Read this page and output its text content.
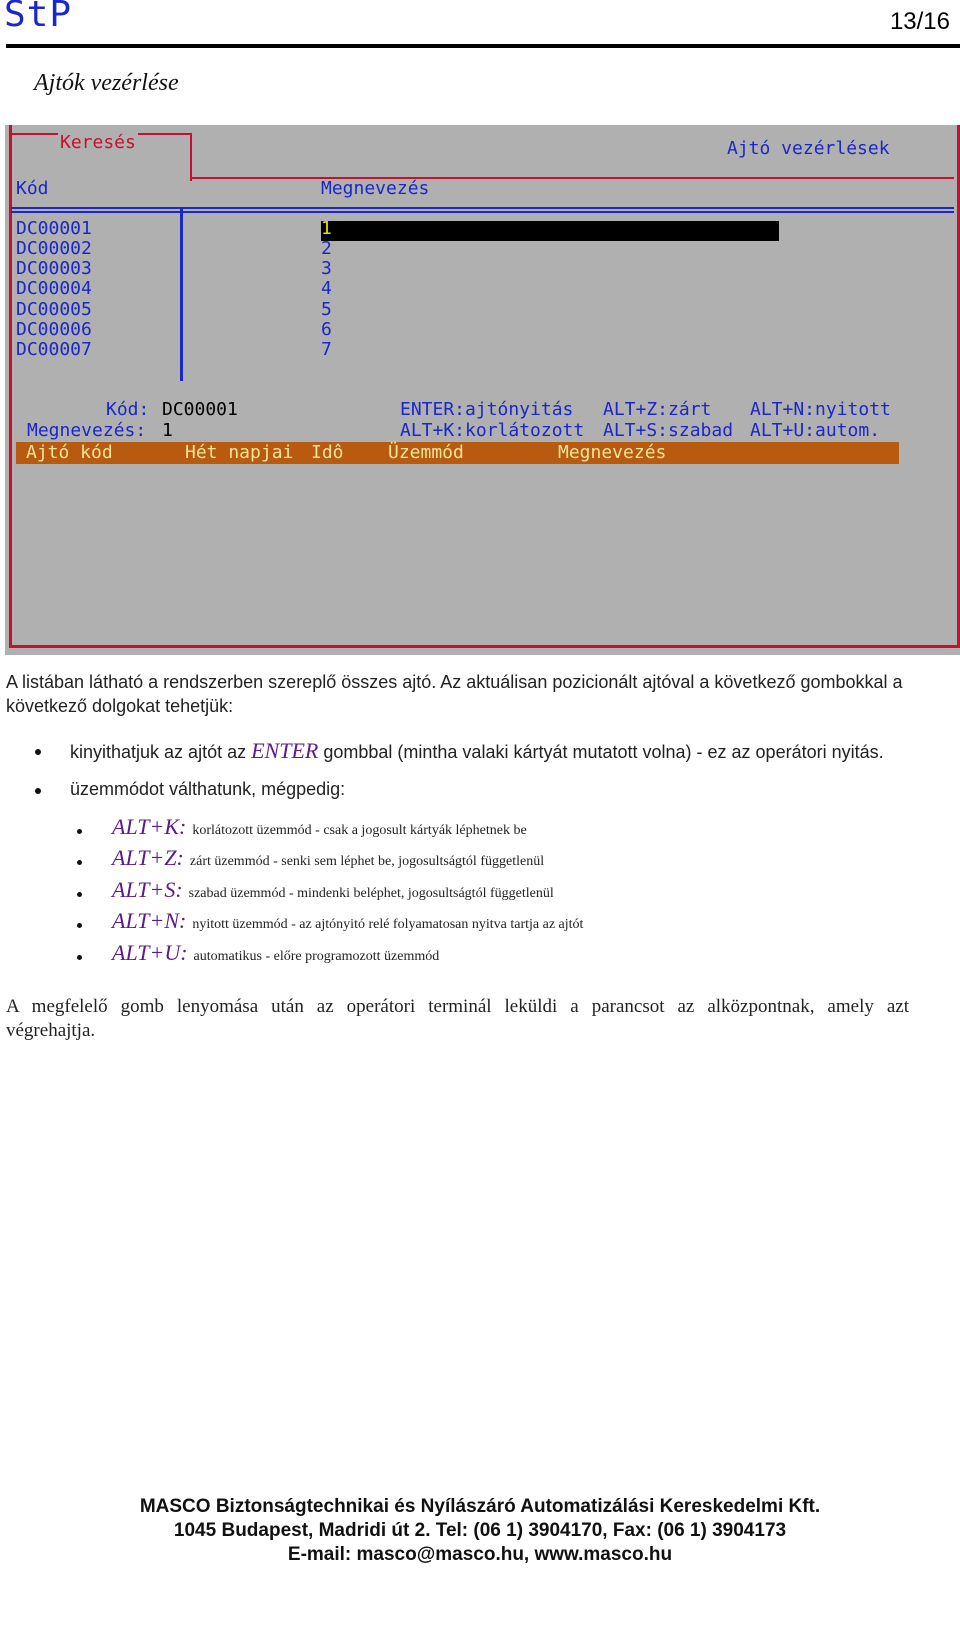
StP	13/16
Ajtók vezérlése
Keresés	Ajtó vezérlések
Kód	Megnevezés
DC00001	1
DC00002	2
DC00003	3
DC00004	4
DC00005	5
DC00006	6
DC00007	7
Kód: DC00001
Megnevezés: 1
ENTER:ajtónyitás ALT+Z:zárt ALT+N:nyitott
ALT+K:korlátozott ALT+S:szabad ALT+U:autom.
Ajtó kód	Hét napjai Idô Üzemmód	Megnevezés
A listában látható a rendszerben szereplő összes ajtó. Az aktuálisan pozicionált ajtóval a következő gombokkal a
következő dolgokat tehetjük:
kinyithatjuk az ajtót az ENTER gombbal (mintha valaki kártyát mutatott volna) - ez az operátori nyitás.
üzemmódot válthatunk, mégpedig:
ALT+K: korlátozott üzemmód - csak a jogosult kártyák léphetnek be
ALT+Z: zárt üzemmód - senki sem léphet be, jogosultságtól függetlenül
ALT+S: szabad üzemmód - mindenki beléphet, jogosultságtól függetlenül
ALT+N: nyitott üzemmód - az ajtónyitó relé folyamatosan nyitva tartja az ajtót
ALT+U: automatikus - előre programozott üzemmód
A megfelelő gomb lenyomása után az operátori terminál leküldi a parancsot az alközpontnak, amely azt
végrehajtja.
MASCO Biztonságtechnikai és Nyílászáró Automatizálási Kereskedelmi Kft.
1045 Budapest, Madridi út 2. Tel: (06 1) 3904170, Fax: (06 1) 3904173
E-mail: masco@masco.hu, www.masco.hu
